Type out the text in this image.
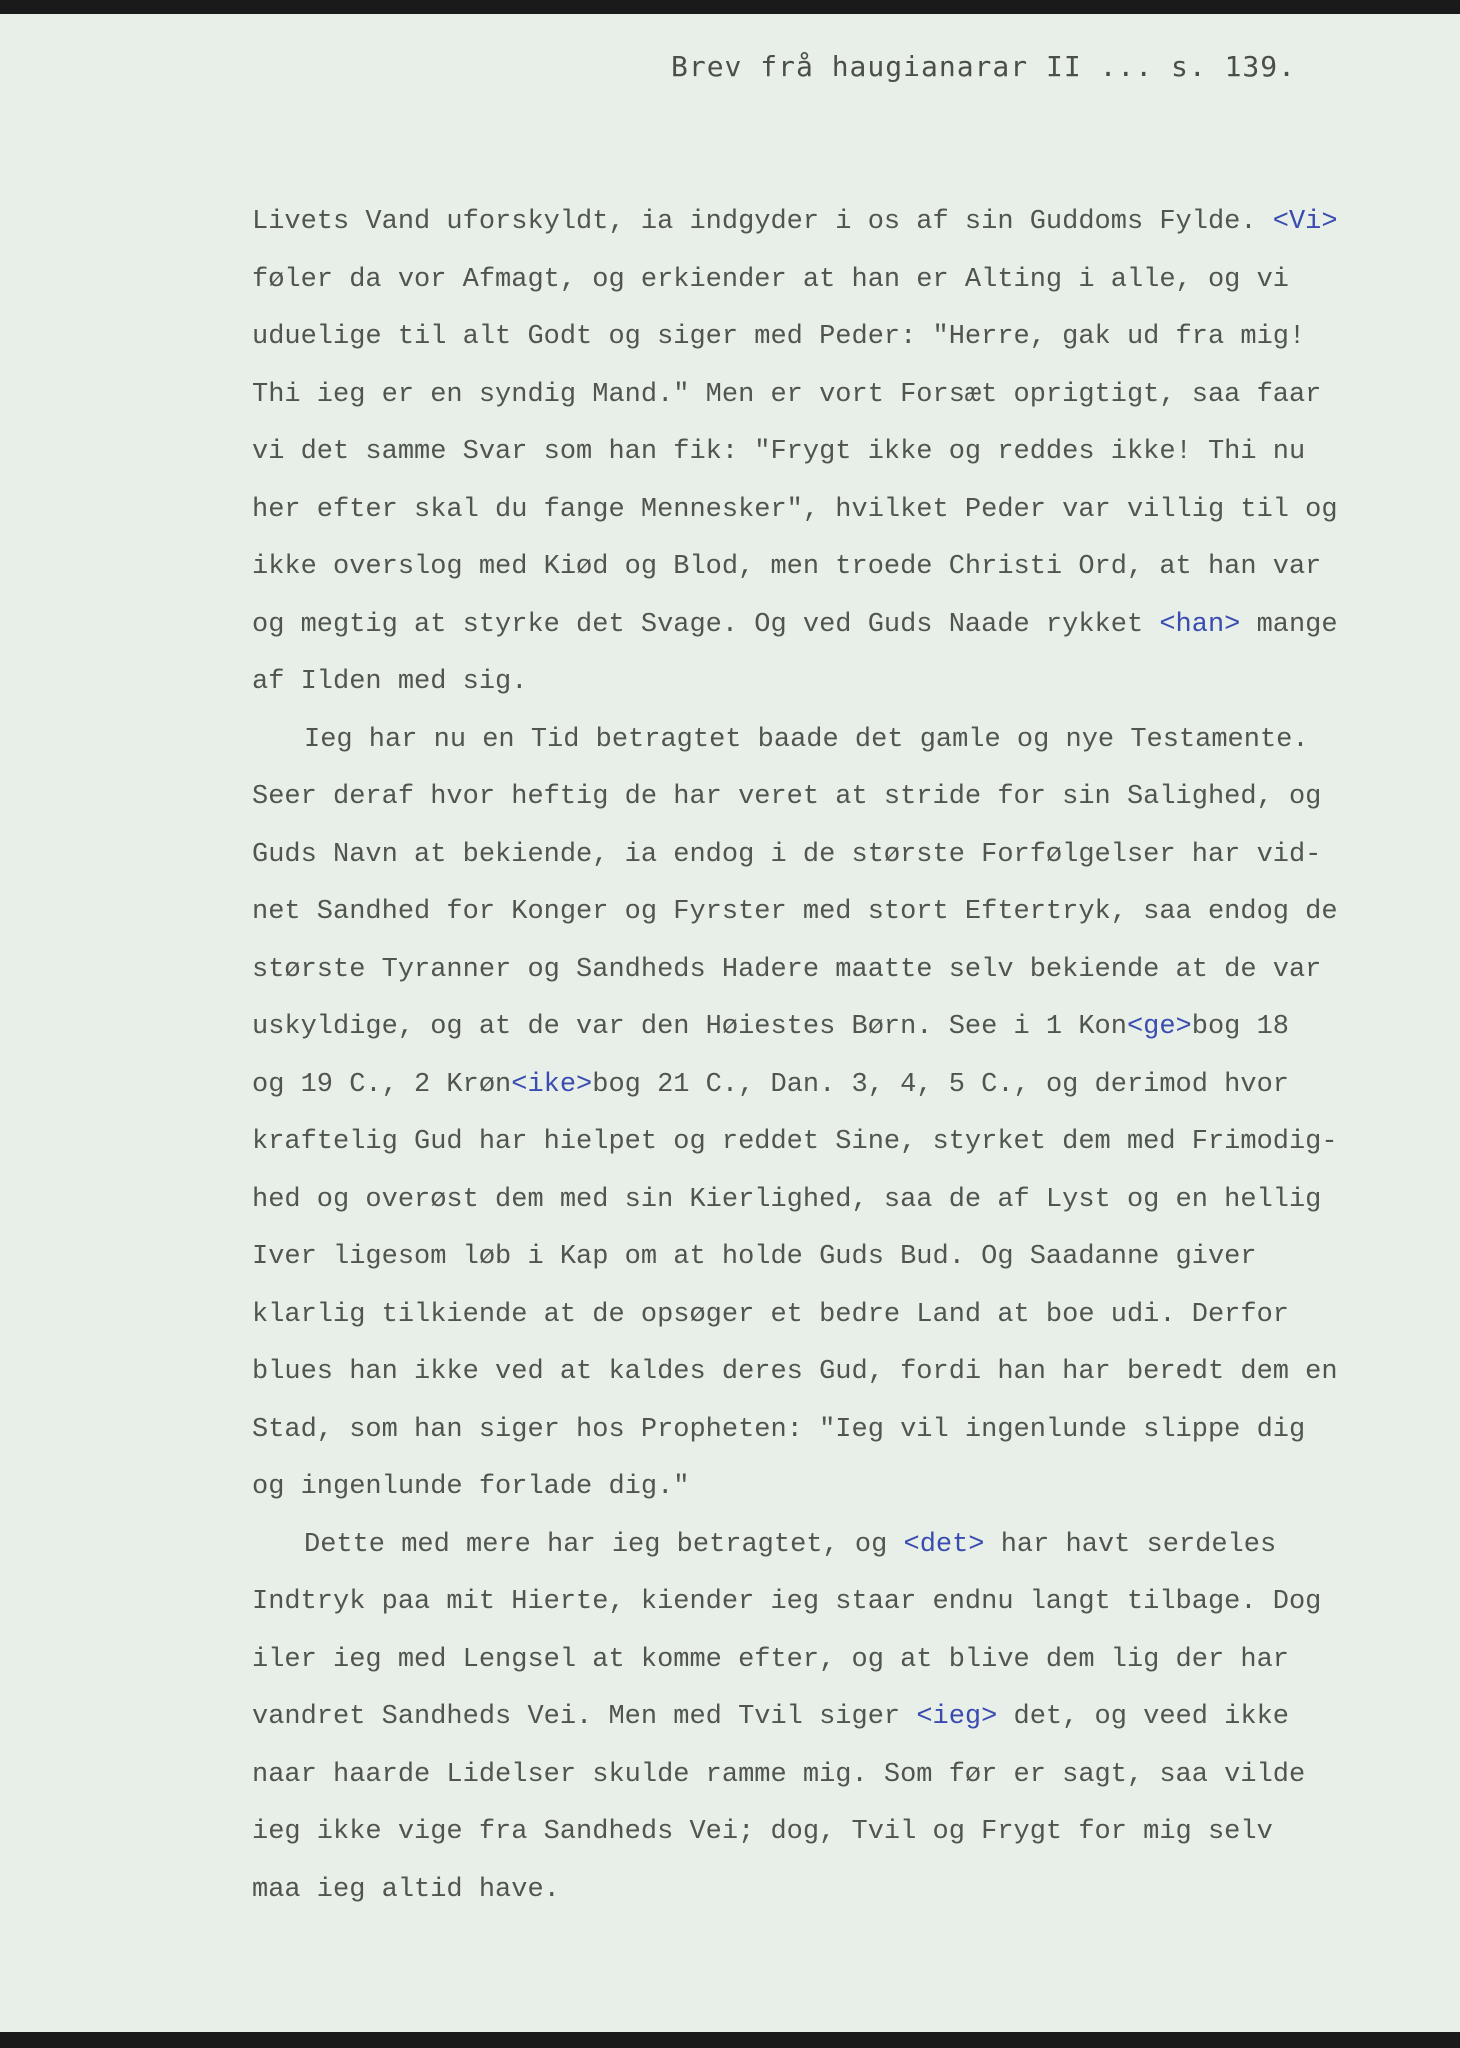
Brev frå haugianarar II ... s. 139.
Livets Vand uforskyldt, ia indgyder i os af sin Guddoms Fylde. <Vi>
føler da vor Afmagt, og erkiender at han er Alting i alle, og vi
uduelige til alt Godt og siger med Peder: "Herre, gak ud fra mig!
Thi ieg er en syndig Mand." Men er vort Forsæt oprigtigt, saa faar
vi det samme Svar som han fik: "Frygt ikke og reddes ikke! Thi nu
her efter skal du fange Mennesker", hvilket Peder var villig til og
ikke overslog med Kiød og Blod, men troede Christi Ord, at han var
og megtig at styrke det Svage. Og ved Guds Naade rykket <han> mange
af Ilden med sig.
Ieg har nu en Tid betragtet baade det gamle og nye Testamente.
Seer deraf hvor heftig de har veret at stride for sin Salighed, og
Guds Navn at bekiende, ia endog i de største Forfølgelser har vid-
net Sandhed for Konger og Fyrster med stort Eftertryk, saa endog de
største Tyranner og Sandheds Hadere maatte selv bekiende at de var
uskyldige, og at de var den Høiestes Børn. See i 1 Kon<ge>bog 18
og 19 C., 2 Krøn<ike>bog 21 C., Dan. 3, 4, 5 C., og derimod hvor
kraftelig Gud har hielpet og reddet Sine, styrket dem med Frimodig-
hed og overøst dem med sin Kierlighed, saa de af Lyst og en hellig
Iver ligesom løb i Kap om at holde Guds Bud. Og Saadanne giver
klarlig tilkiende at de opsøger et bedre Land at boe udi. Derfor
blues han ikke ved at kaldes deres Gud, fordi han har beredt dem en
Stad, som han siger hos Propheten: "Ieg vil ingenlunde slippe dig
og ingenlunde forlade dig."
Dette med mere har ieg betragtet, og <det> har havt serdeles
Indtryk paa mit Hierte, kiender ieg staar endnu langt tilbage. Dog
iler ieg med Lengsel at komme efter, og at blive dem lig der har
vandret Sandheds Vei. Men med Tvil siger <ieg> det, og veed ikke
naar haarde Lidelser skulde ramme mig. Som før er sagt, saa vilde
ieg ikke vige fra Sandheds Vei; dog, Tvil og Frygt for mig selv
maa ieg altid have.
